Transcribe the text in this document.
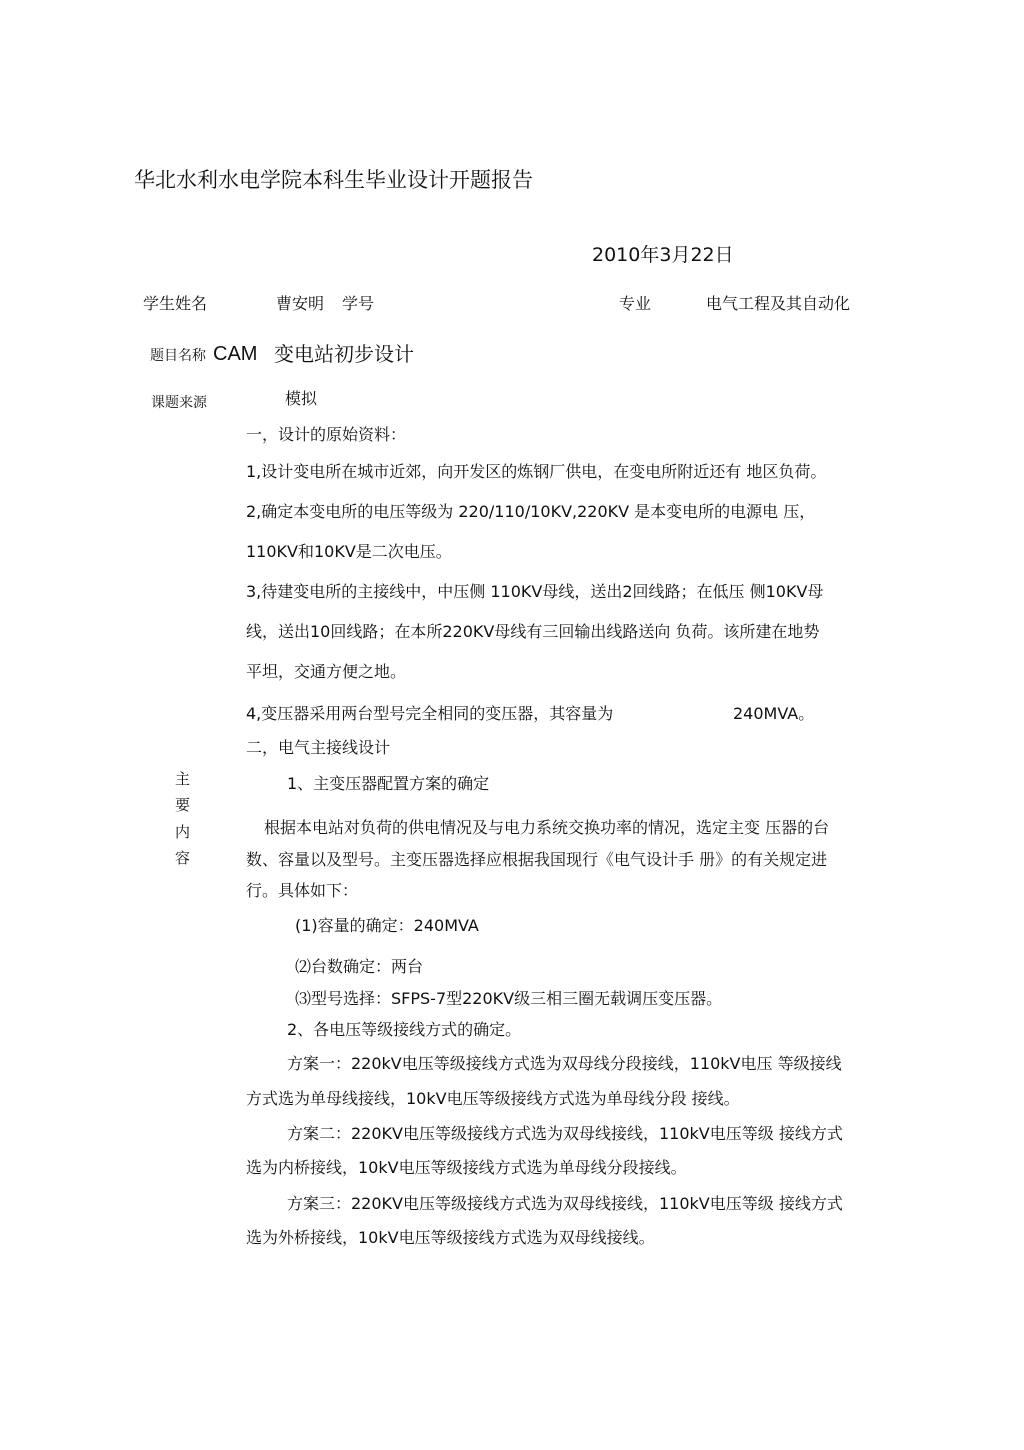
华北水利水电学院本科生毕业设计开题报告
2010年3月22日
学生姓名	曹安明 学号	专业	电气工程及其自动化
题目名称 CAM 变电站初步设计
课题来源	模拟
主
要
内
容
一，设计的原始资料：
1,设计变电所在城市近郊，向开发区的炼钢厂供电，在变电所附近还有 地区负荷。
2,确定本变电所的电压等级为 220/110/10KV,220KV 是本变电所的电源电 压，
110KV和10KV是二次电压。
3,待建变电所的主接线中，中压侧 110KV母线，送出2回线路；在低压 侧10KV母
线，送出10回线路；在本所220KV母线有三回输出线路送向 负荷。该所建在地势
平坦，交通方便之地。
4,变压器采用两台型号完全相同的变压器，其容量为	240MVA。
二，电气主接线设计
1、主变压器配置方案的确定
根据本电站对负荷的供电情况及与电力系统交换功率的情况，选定主变 压器的台
数、容量以及型号。主变压器选择应根据我国现行《电气设计手 册》的有关规定进
行。具体如下：
(1)容量的确定：240MVA
⑵台数确定：两台
⑶型号选择：SFPS-7型220KV级三相三圈无载调压变压器。
2、各电压等级接线方式的确定。
方案一：220kV电压等级接线方式选为双母线分段接线，110kV电压 等级接线
方式选为单母线接线，10kV电压等级接线方式选为单母线分段 接线。
方案二：220KV电压等级接线方式选为双母线接线，110kV电压等级 接线方式
选为内桥接线，10kV电压等级接线方式选为单母线分段接线。
方案三：220KV电压等级接线方式选为双母线接线，110kV电压等级 接线方式
选为外桥接线，10kV电压等级接线方式选为双母线接线。
